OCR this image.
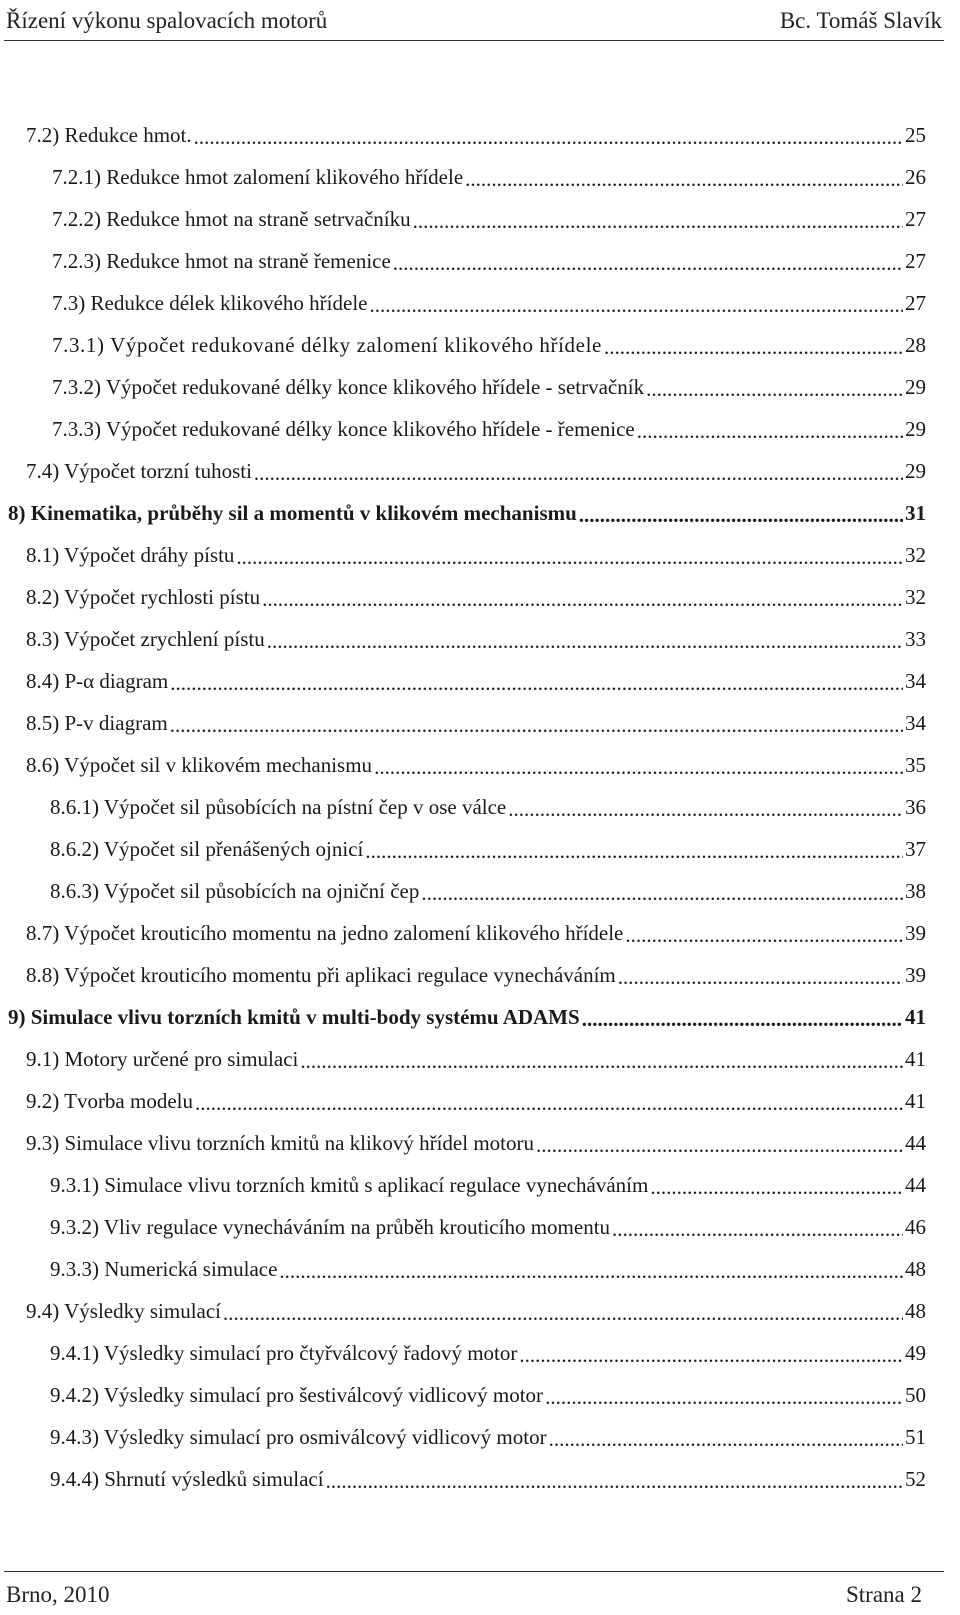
Řízení výkonu spalovacích motorů	Bc. Tomáš Slavík
7.2) Redukce hmot. .....	25
7.2.1) Redukce hmot zalomení klikového hřídele .....	26
7.2.2) Redukce hmot na straně setrvačníku .....	27
7.2.3) Redukce hmot na straně řemenice .....	27
7.3) Redukce délek klikového hřídele .....	27
7.3.1) Výpočet redukované délky zalomení klikového hřídele .....	28
7.3.2) Výpočet redukované délky konce klikového hřídele - setrvačník .....	29
7.3.3) Výpočet redukované délky konce klikového hřídele - řemenice .....	29
7.4) Výpočet torzní tuhosti .....	29
8) Kinematika, průběhy sil a momentů v klikovém mechanismu .....	31
8.1) Výpočet dráhy pístu .....	32
8.2) Výpočet rychlosti pístu .....	32
8.3) Výpočet zrychlení pístu .....	33
8.4) P-α diagram .....	34
8.5) P-v diagram .....	34
8.6) Výpočet sil v klikovém mechanismu .....	35
8.6.1) Výpočet sil působících na pístní čep v ose válce .....	36
8.6.2) Výpočet sil přenášených ojnicí .....	37
8.6.3) Výpočet sil působících na ojniční čep .....	38
8.7) Výpočet krouticího momentu na jedno zalomení klikového hřídele .....	39
8.8) Výpočet krouticího momentu při aplikaci regulace vynecháváním .....	39
9) Simulace vlivu torzních kmitů v multi-body systému ADAMS .....	41
9.1) Motory určené pro simulaci .....	41
9.2) Tvorba modelu .....	41
9.3) Simulace vlivu torzních kmitů na klikový hřídel motoru .....	44
9.3.1) Simulace vlivu torzních kmitů s aplikací regulace vynecháváním .....	44
9.3.2) Vliv regulace vynecháváním na průběh krouticího momentu .....	46
9.3.3) Numerická simulace .....	48
9.4) Výsledky simulací .....	48
9.4.1) Výsledky simulací pro čtyřválcový řadový motor .....	49
9.4.2) Výsledky simulací pro šestiválcový vidlicový motor .....	50
9.4.3) Výsledky simulací pro osmiválcový vidlicový motor .....	51
9.4.4) Shrnutí výsledků simulací .....	52
Brno, 2010	Strana 2
